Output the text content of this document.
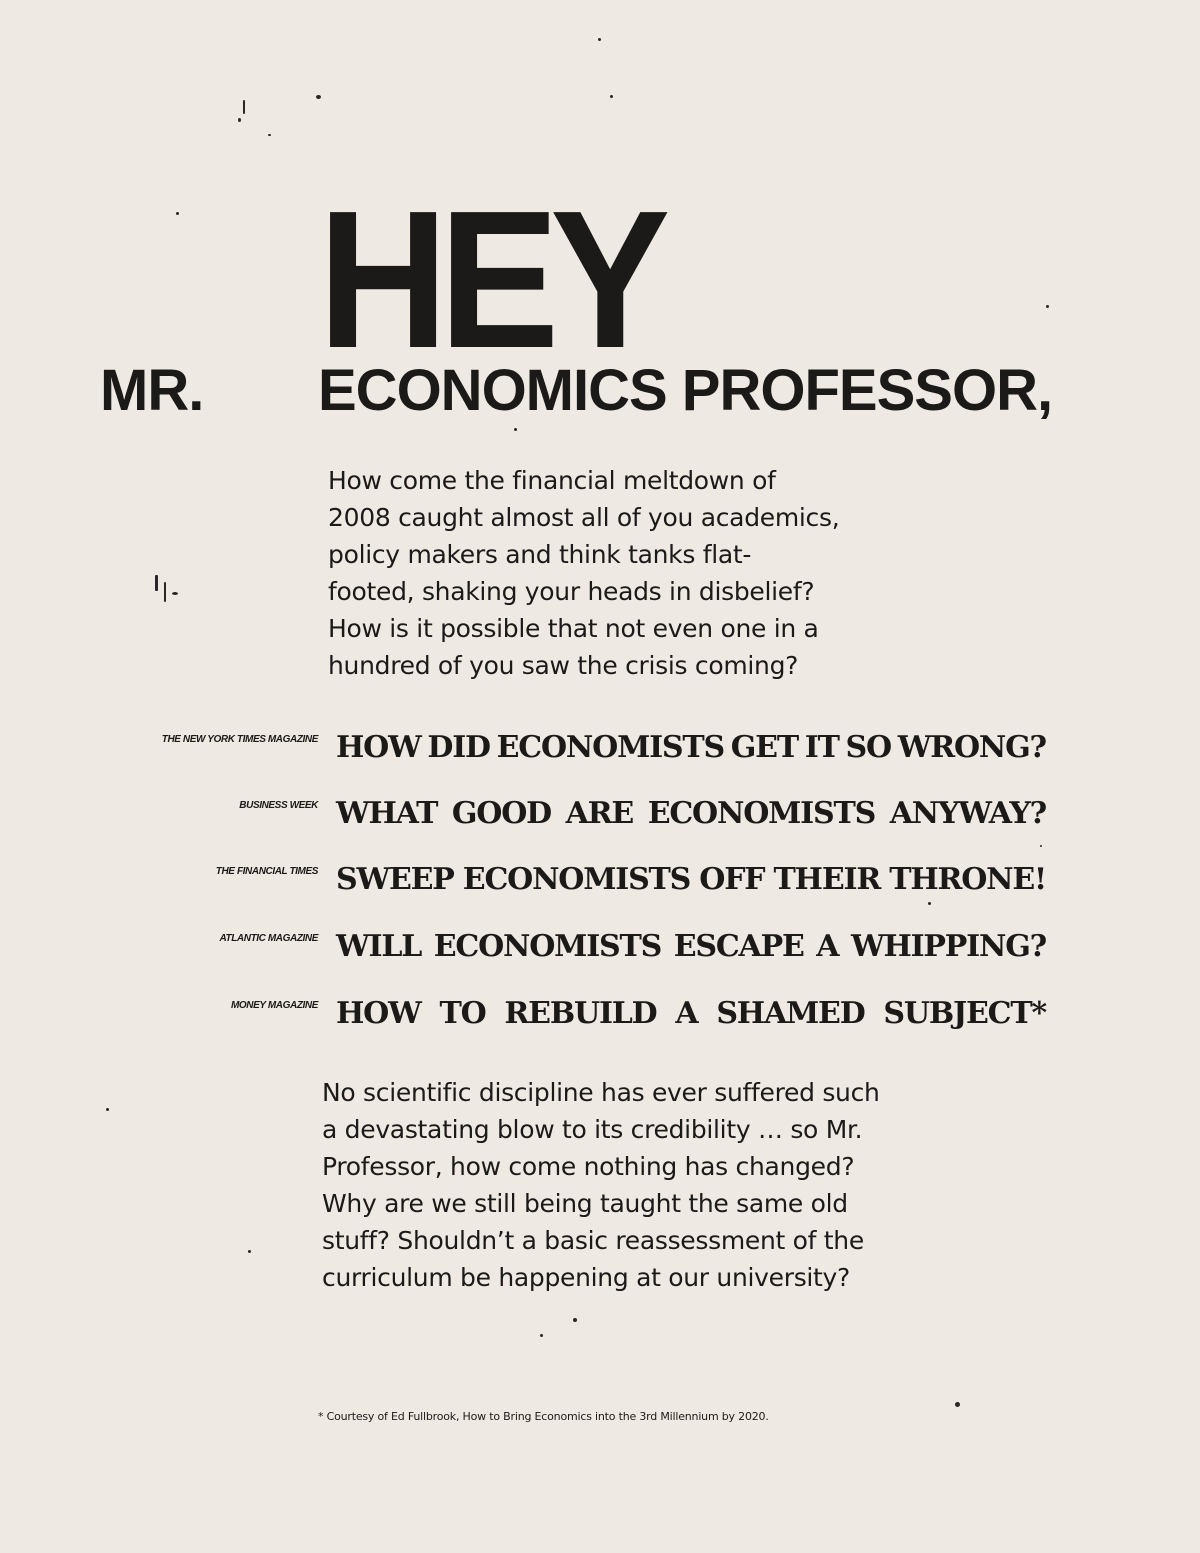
HEY
MR. ECONOMICS PROFESSOR,
How come the financial meltdown of
2008 caught almost all of you academics,
policy makers and think tanks flat-
footed, shaking your heads in disbelief?
How is it possible that not even one in a
hundred of you saw the crisis coming?
THE NEW YORK TIMES MAGAZINE HOW DID ECONOMISTS GET IT SO WRONG?
BUSINESS WEEK WHAT GOOD ARE ECONOMISTS ANYWAY?
THE FINANCIAL TIMES SWEEP ECONOMISTS OFF THEIR THRONE!
ATLANTIC MAGAZINE WILL ECONOMISTS ESCAPE A WHIPPING?
MONEY MAGAZINE HOW TO REBUILD A SHAMED SUBJECT*
No scientific discipline has ever suffered such
a devastating blow to its credibility … so Mr.
Professor, how come nothing has changed?
Why are we still being taught the same old
stuff? Shouldn’t a basic reassessment of the
curriculum be happening at our university?
* Courtesy of Ed Fullbrook, How to Bring Economics into the 3rd Millennium by 2020.
